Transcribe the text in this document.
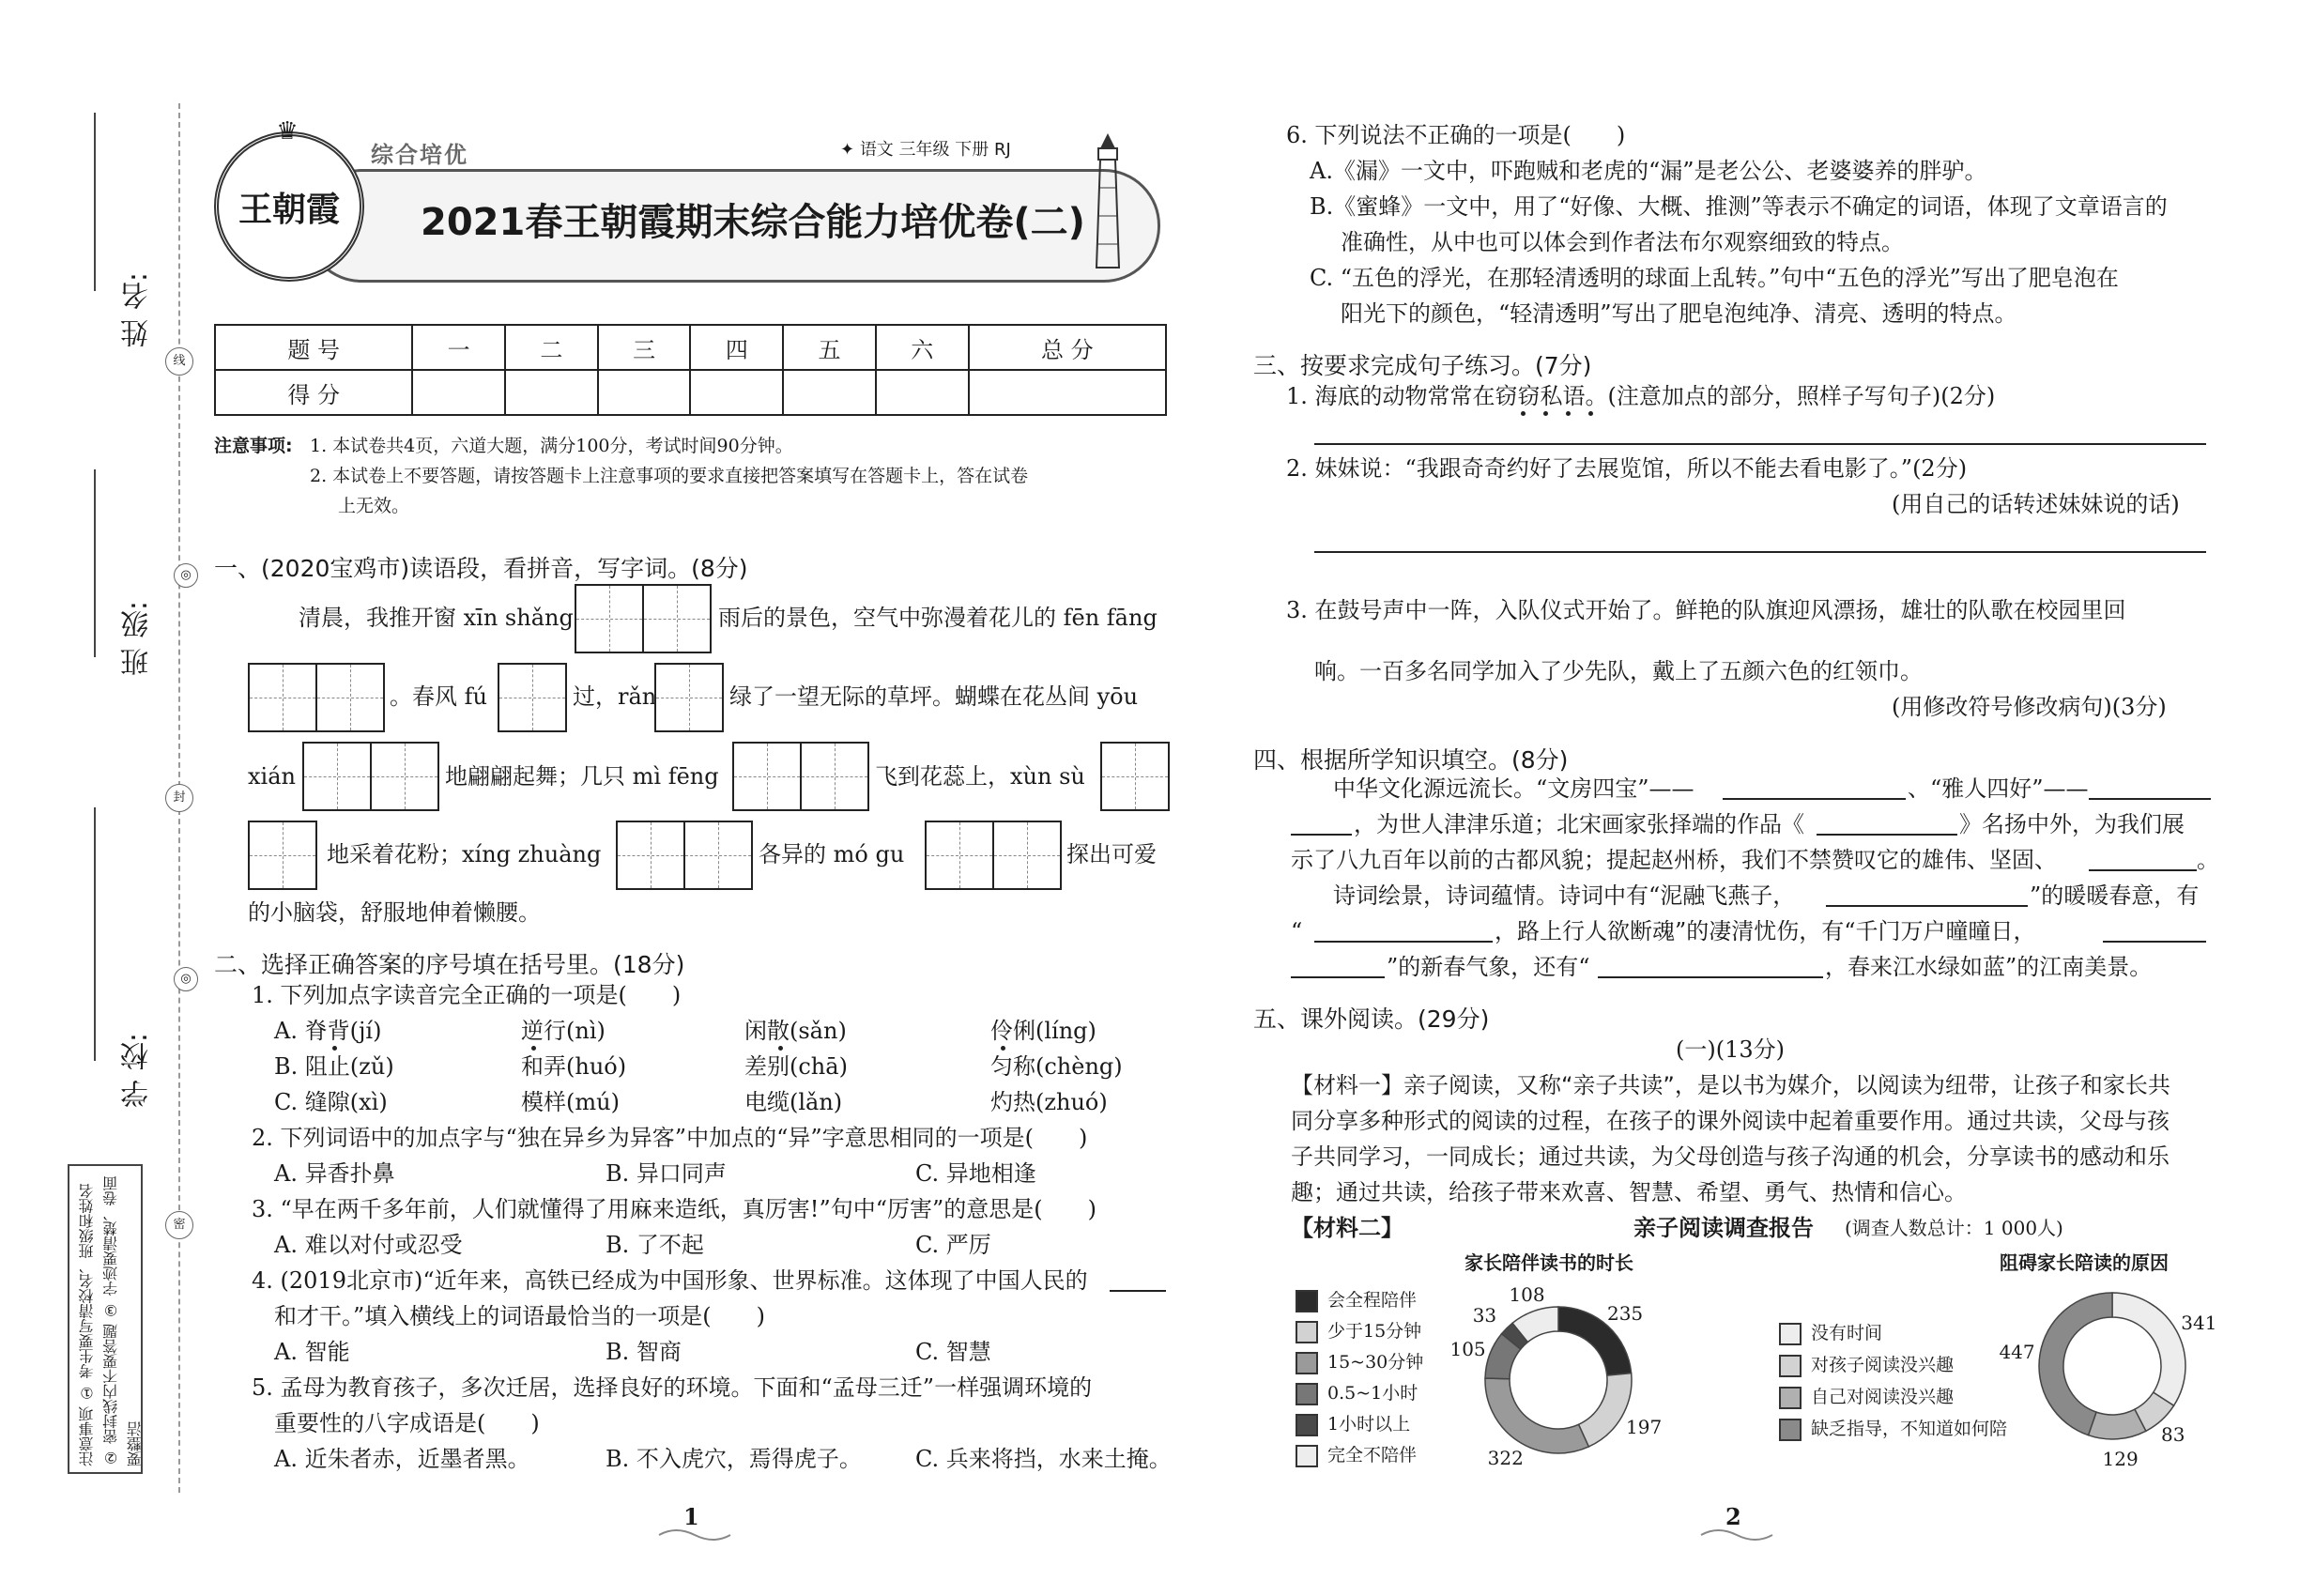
姓 名:
班 级:
学 校:
线
封
密
◎
◎
注意事项 ① 考生要写清校名、班级和姓名 ② 密封线内不要答题 ③ 字迹要清楚、卷面要整洁
王朝霞
♛
综合培优	✦ 语文 三年级 下册 RJ
2021春王朝霞期末综合能力培优卷(二)
题 号	一	二	三	四	五	六	总 分
得 分							
注意事项: 1. 本试卷共4页，六道大题，满分100分，考试时间90分钟。
2. 本试卷上不要答题，请按答题卡上注意事项的要求直接把答案填写在答题卡上，答在试卷
上无效。
一、(2020宝鸡市)读语段，看拼音，写字词。(8分)
清晨，我推开窗 xīn shǎng	雨后的景色，空气中弥漫着花儿的 fēn fāng
。春风 fú	过，rǎn	绿了一望无际的草坪。蝴蝶在花丛间 yōu
xián	地翩翩起舞；几只 mì fēng	飞到花蕊上，xùn sù
地采着花粉；xíng zhuàng	各异的 mó gu	探出可爱
的小脑袋，舒服地伸着懒腰。
二、选择正确答案的序号填在括号里。(18分)
1. 下列加点字读音完全正确的一项是(　　)
A. 脊背(jí)	逆行(nì)	闲散(sǎn)	伶俐(líng)
B. 阻止(zǔ)	和弄(huó)	差别(chā)	匀称(chèng)
C. 缝隙(xì)	模样(mú)	电缆(lǎn)	灼热(zhuó)
2. 下列词语中的加点字与“独在异乡为异客”中加点的“异”字意思相同的一项是(　　)
A. 异香扑鼻	B. 异口同声	C. 异地相逢
3. “早在两千多年前，人们就懂得了用麻来造纸，真厉害!”句中“厉害”的意思是(　　)
A. 难以对付或忍受	B. 了不起	C. 严厉
4. (2019北京市)“近年来，高铁已经成为中国形象、世界标准。这体现了中国人民的
和才干。”填入横线上的词语最恰当的一项是(　　)
A. 智能	B. 智商	C. 智慧
5. 孟母为教育孩子，多次迁居，选择良好的环境。下面和“孟母三迁”一样强调环境的
重要性的八字成语是(　　)
A. 近朱者赤，近墨者黑。	B. 不入虎穴，焉得虎子。 C. 兵来将挡，水来土掩。
1
6. 下列说法不正确的一项是(　　)
A.《漏》一文中，吓跑贼和老虎的“漏”是老公公、老婆婆养的胖驴。
B.《蜜蜂》一文中，用了“好像、大概、推测”等表示不确定的词语，体现了文章语言的
准确性，从中也可以体会到作者法布尔观察细致的特点。
C. “五色的浮光，在那轻清透明的球面上乱转。”句中“五色的浮光”写出了肥皂泡在
阳光下的颜色，“轻清透明”写出了肥皂泡纯净、清亮、透明的特点。
三、按要求完成句子练习。(7分)
1. 海底的动物常常在窃窃私语。(注意加点的部分，照样子写句子)(2分)
2. 妹妹说：“我跟奇奇约好了去展览馆，所以不能去看电影了。”(2分)
(用自己的话转述妹妹说的话)
3. 在鼓号声中一阵，入队仪式开始了。鲜艳的队旗迎风漂扬，雄壮的队歌在校园里回
响。一百多名同学加入了少先队，戴上了五颜六色的红领巾。
(用修改符号修改病句)(3分)
四、根据所学知识填空。(8分)
中华文化源远流长。“文房四宝”——	、“雅人四好”——
，为世人津津乐道；北宋画家张择端的作品《	》名扬中外，为我们展
示了八九百年以前的古都风貌；提起赵州桥，我们不禁赞叹它的雄伟、坚固、	。
诗词绘景，诗词蕴情。诗词中有“泥融飞燕子，	”的暖暖春意，有
“	，路上行人欲断魂”的凄清忧伤，有“千门万户曈曈日，
”的新春气象，还有“	，春来江水绿如蓝”的江南美景。
五、课外阅读。(29分)
(一)(13分)
【材料一】亲子阅读，又称“亲子共读”，是以书为媒介，以阅读为纽带，让孩子和家长共
同分享多种形式的阅读的过程，在孩子的课外阅读中起着重要作用。通过共读，父母与孩
子共同学习，一同成长；通过共读，为父母创造与孩子沟通的机会，分享读书的感动和乐
趣；通过共读，给孩子带来欢喜、智慧、希望、勇气、热情和信心。
【材料二】	亲子阅读调查报告 (调查人数总计：1 000人)
家长陪伴读书的时长
会全程陪伴
少于15分钟
15~30分钟
0.5~1小时
1小时以上
完全不陪伴
阻碍家长陪读的原因
没有时间
对孩子阅读没兴趣
自己对阅读没兴趣
缺乏指导，不知道如何陪
2
235
197
322
105
33
108
341
83
129
447
